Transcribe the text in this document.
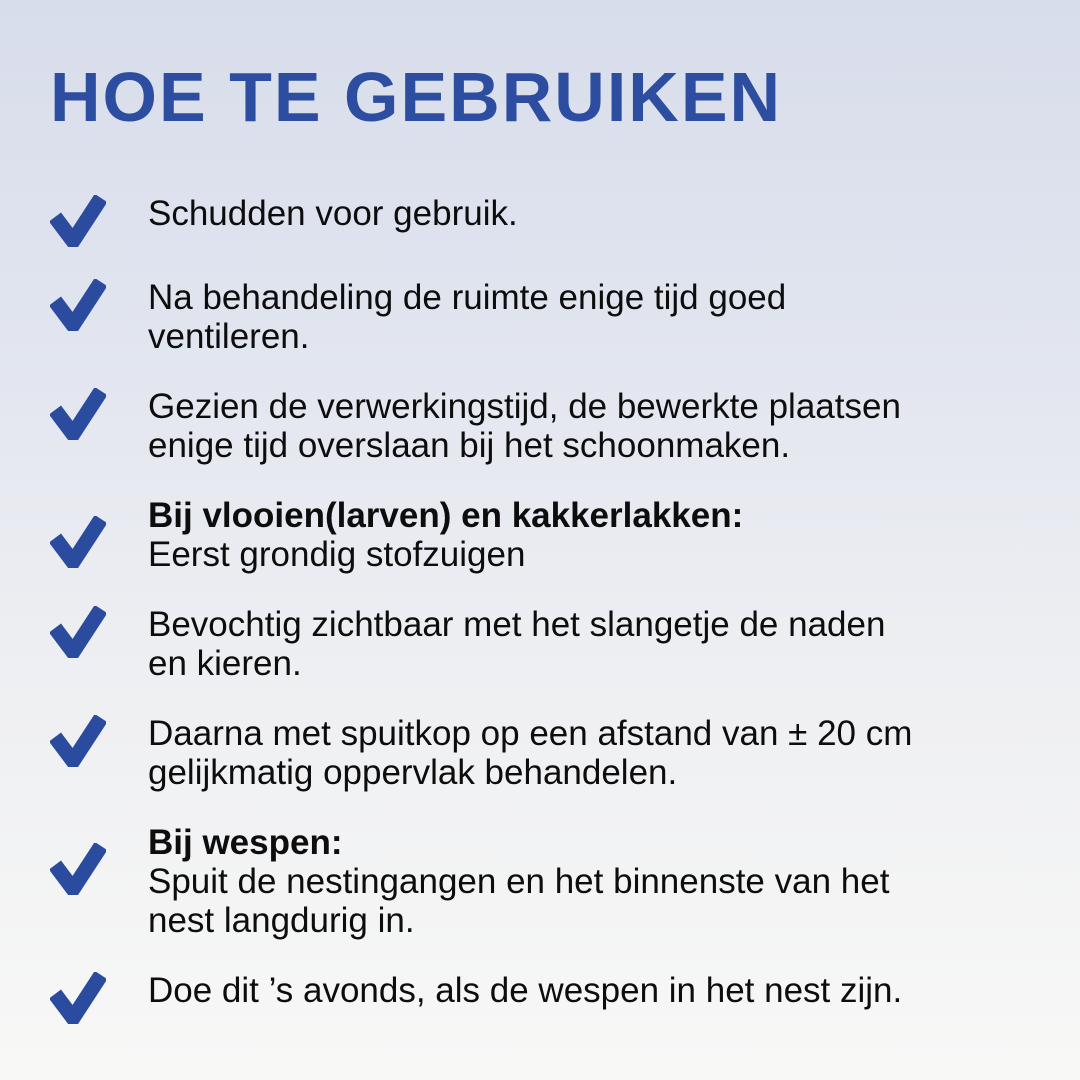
HOE TE GEBRUIKEN
Schudden voor gebruik.
Na behandeling de ruimte enige tijd goed
ventileren.
Gezien de verwerkingstijd, de bewerkte plaatsen
enige tijd overslaan bij het schoonmaken.
Bij vlooien(larven) en kakkerlakken:
Eerst grondig stofzuigen
Bevochtig zichtbaar met het slangetje de naden
en kieren.
Daarna met spuitkop op een afstand van ± 20 cm
gelijkmatig oppervlak behandelen.
Bij wespen:
Spuit de nestingangen en het binnenste van het
nest langdurig in.
Doe dit ’s avonds, als de wespen in het nest zijn.
